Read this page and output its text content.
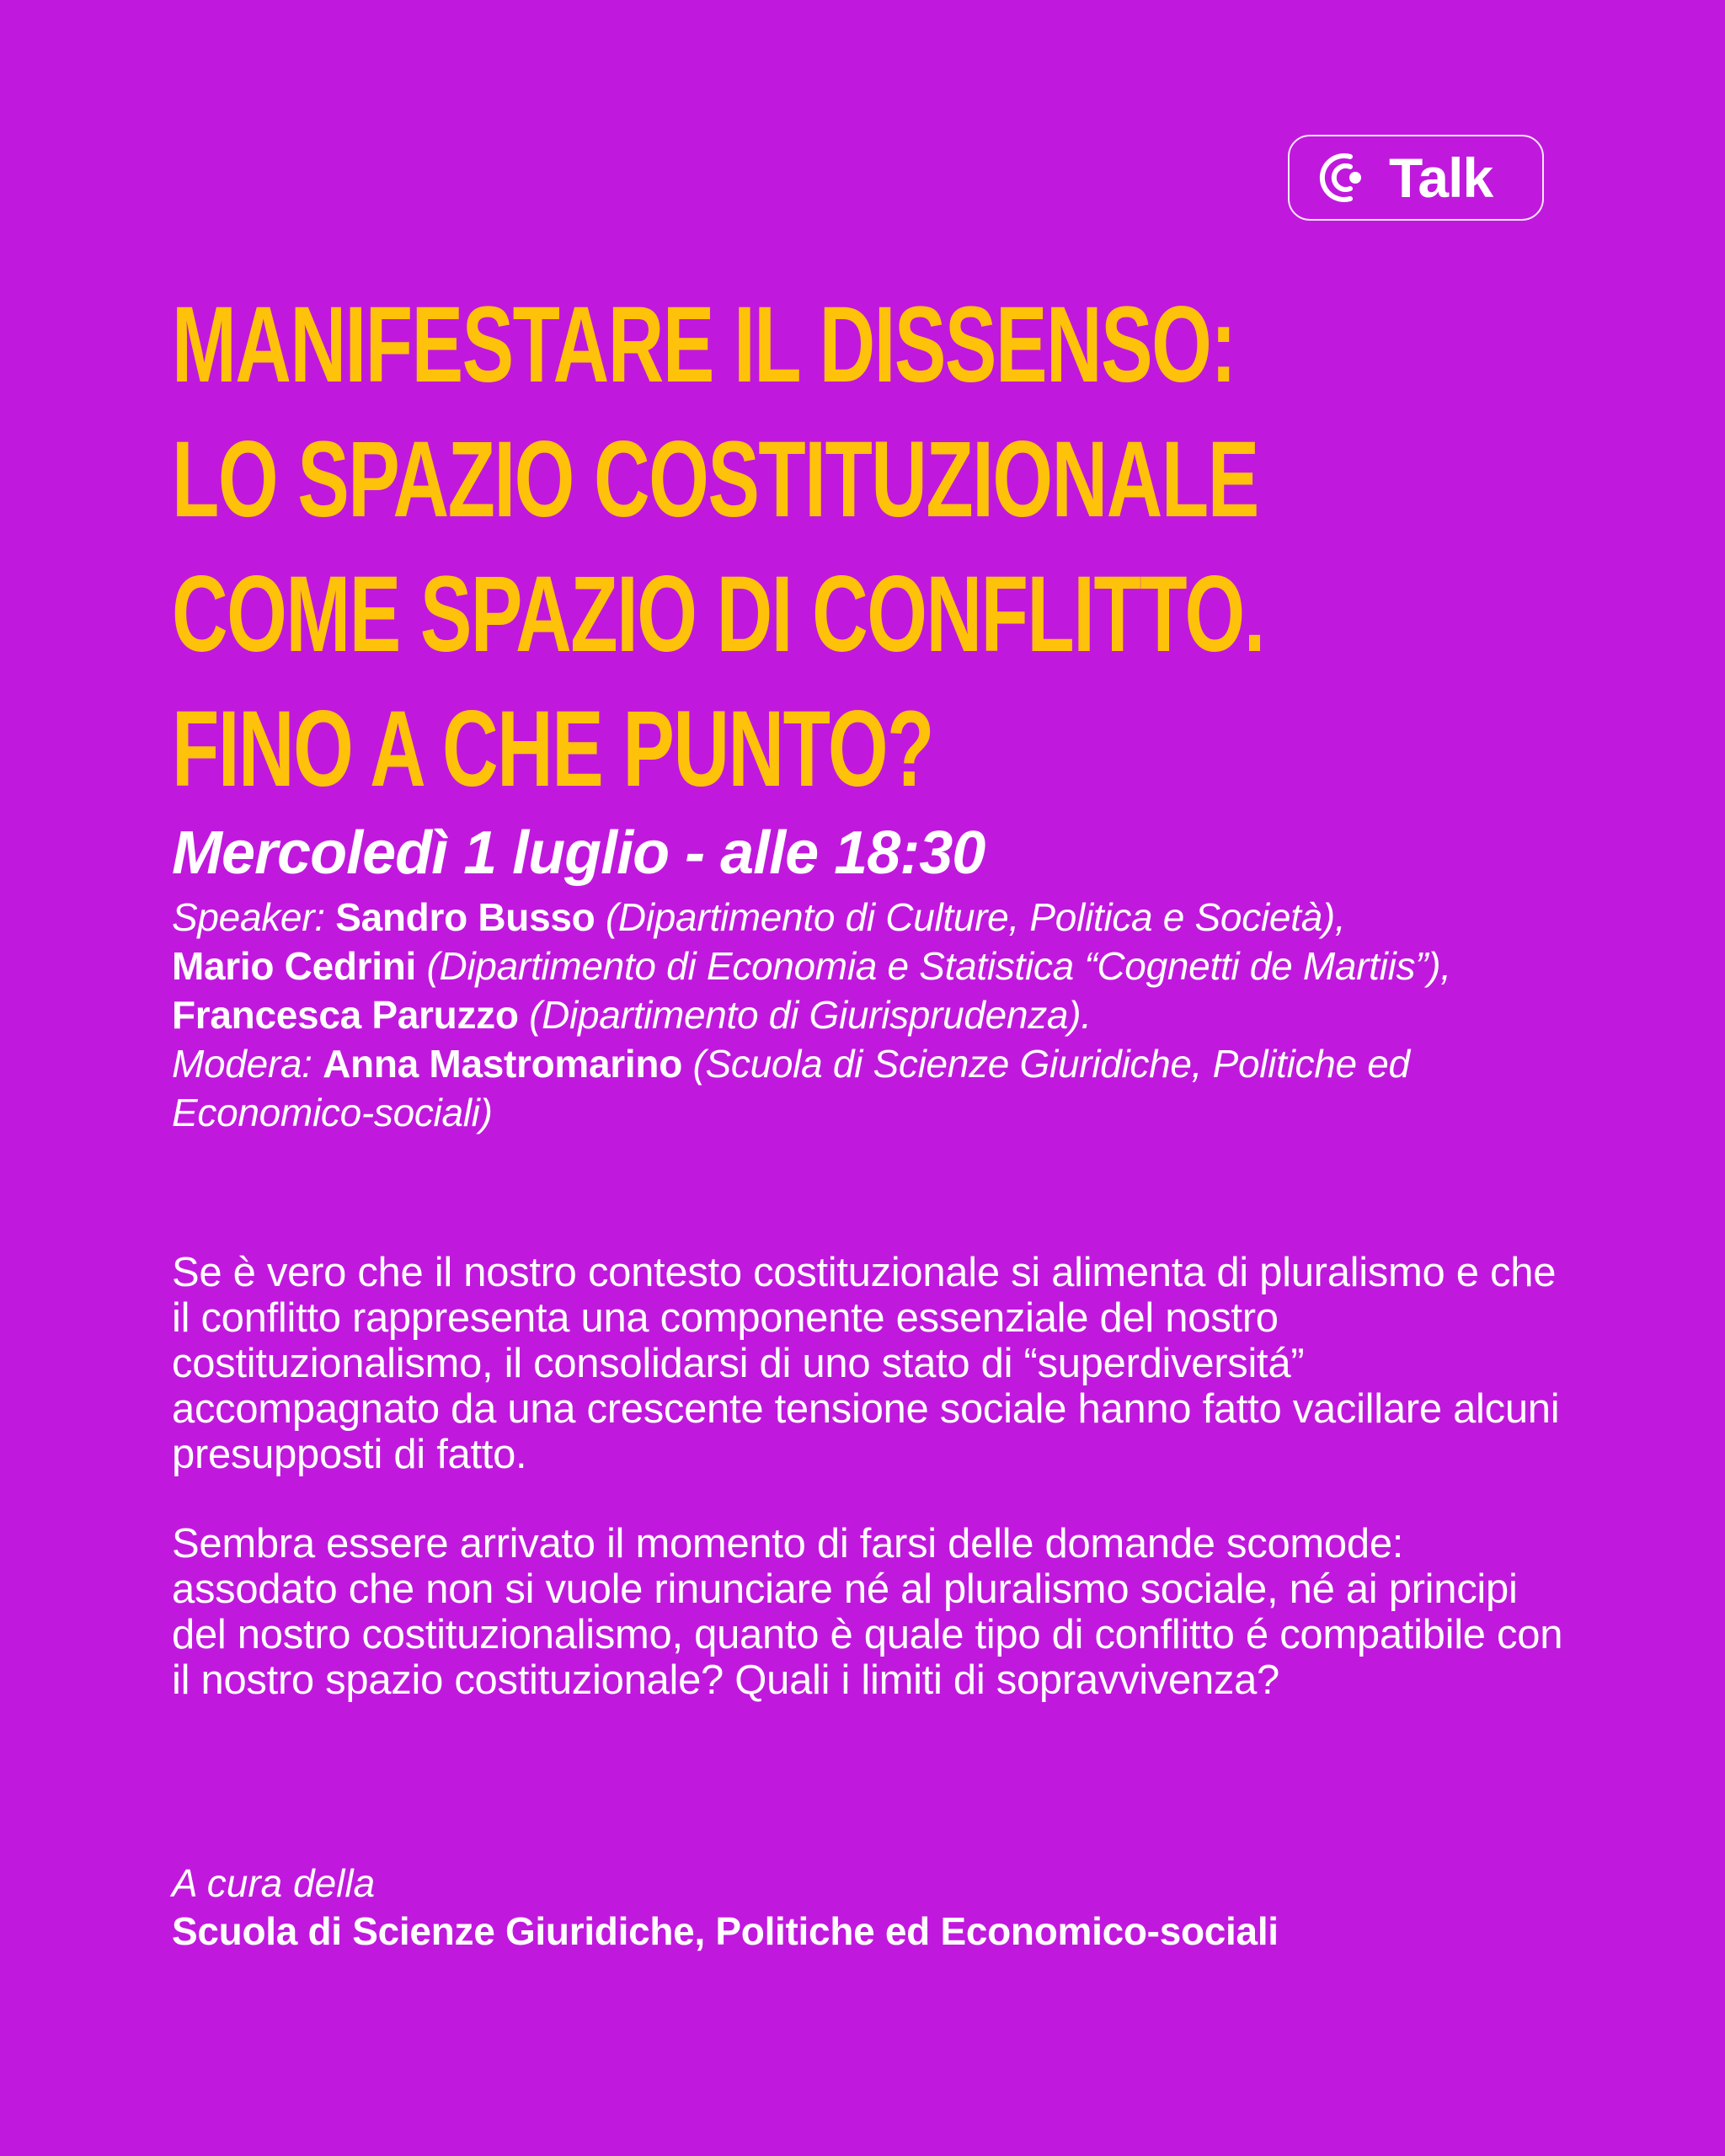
Talk
MANIFESTARE IL DISSENSO:
LO SPAZIO COSTITUZIONALE
COME SPAZIO DI CONFLITTO.
FINO A CHE PUNTO?

Mercoledì 1 luglio - alle 18:30

Speaker: Sandro Busso (Dipartimento di Culture, Politica e Società),
Mario Cedrini (Dipartimento di Economia e Statistica “Cognetti de Martiis”), Francesca Paruzzo (Dipartimento di Giurisprudenza).
Modera: Anna Mastromarino (Scuola di Scienze Giuridiche, Politiche ed Economico-sociali)

Se è vero che il nostro contesto costituzionale si alimenta di pluralismo e che il conflitto rappresenta una componente essenziale del nostro costituzionalismo, il consolidarsi di uno stato di “superdiversitá” accompagnato da una crescente tensione sociale hanno fatto vacillare alcuni presupposti di fatto.

Sembra essere arrivato il momento di farsi delle domande scomode: assodato che non si vuole rinunciare né al pluralismo sociale, né ai principi del nostro costituzionalismo, quanto è quale tipo di conflitto é compatibile con il nostro spazio costituzionale? Quali i limiti di sopravvivenza?

A cura della

Scuola di Scienze Giuridiche, Politiche ed Economico-sociali
